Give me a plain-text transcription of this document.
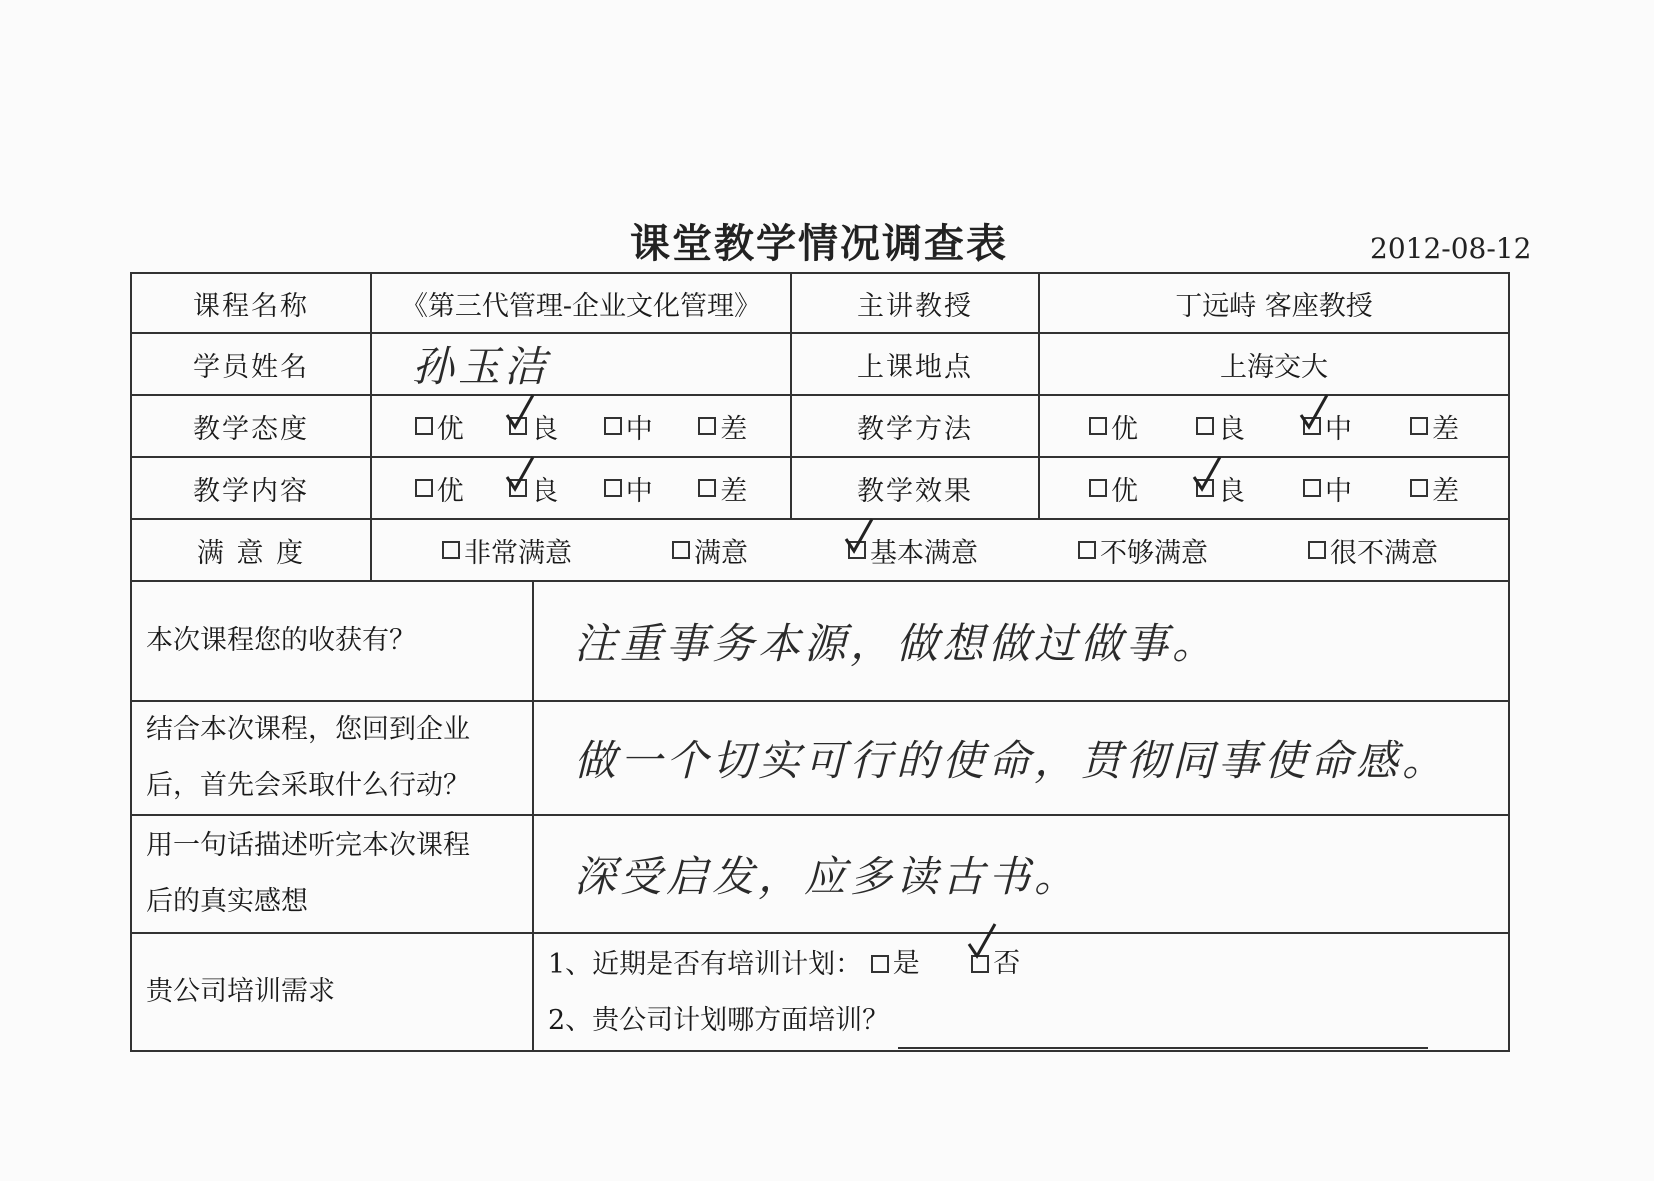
课堂教学情况调查表	2012-08-12
课程名称	《第三代管理-企业文化管理》		主讲教授	丁远峙 客座教授
学员姓名	孙玉洁		上课地点	上海交大
教学态度	优 良 中 差		教学方法	优 良 中 差

教学内容	优 良 中 差		教学效果	优 良 中 差

满 意 度	非常满意 满意 基本满意 不够满意 很不满意			

本次课程您的收获有？		注重事务本源，做想做过做事。		

结合本次课程，您回到企业
后，首先会采取什么行动？		做一个切实可行的使命，贯彻同事使命感。		

用一句话描述听完本次课程
后的真实感想		深受启发，应多读古书。		
贵公司培训需求		1、近期是否有培训计划： 是
否
2、贵公司计划哪方面培训？		
